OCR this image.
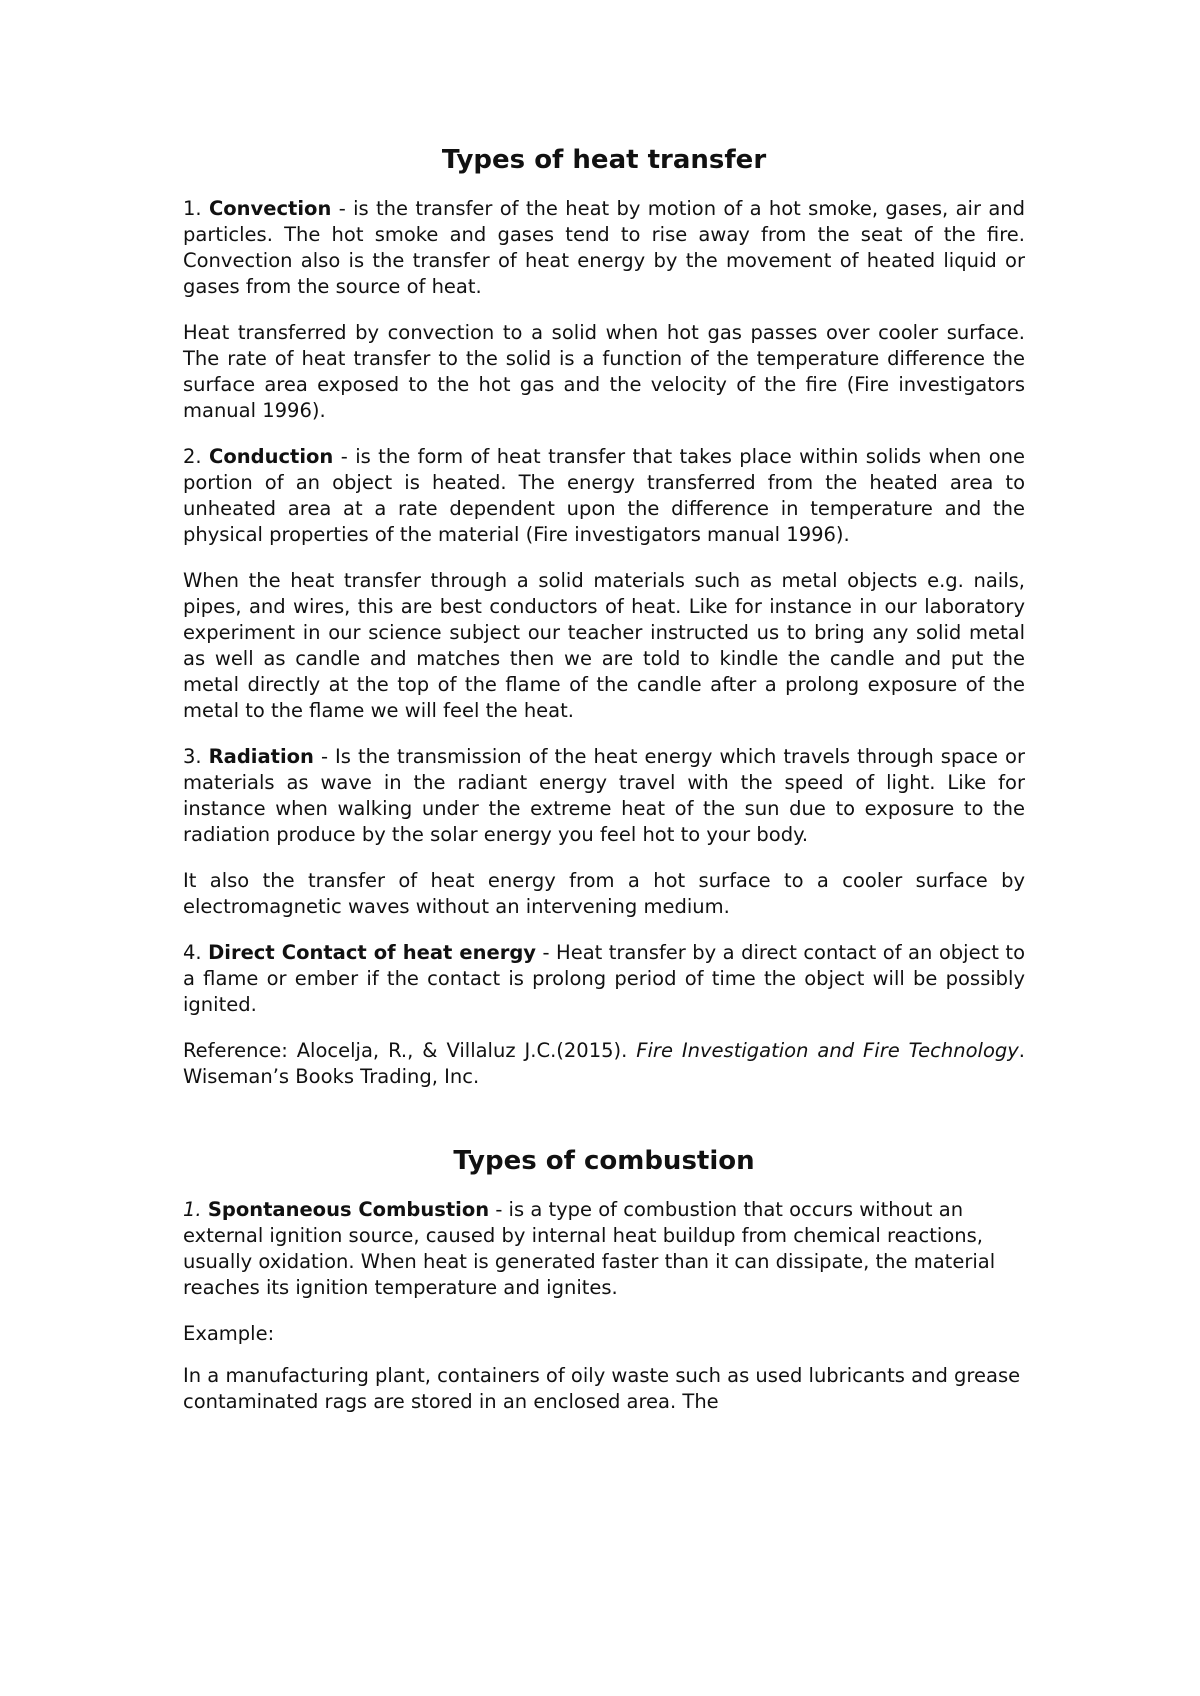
Types of heat transfer

1. Convection - is the transfer of the heat by motion of a hot smoke, gases, air and particles. The hot smoke and gases tend to rise away from the seat of the fire. Convection also is the transfer of heat energy by the movement of heated liquid or gases from the source of heat.

Heat transferred by convection to a solid when hot gas passes over cooler surface. The rate of heat transfer to the solid is a function of the temperature difference the surface area exposed to the hot gas and the velocity of the fire (Fire investigators manual 1996).

2. Conduction - is the form of heat transfer that takes place within solids when one portion of an object is heated. The energy transferred from the heated area to unheated area at a rate dependent upon the difference in temperature and the physical properties of the material (Fire investigators manual 1996).

When the heat transfer through a solid materials such as metal objects e.g. nails, pipes, and wires, this are best conductors of heat. Like for instance in our laboratory experiment in our science subject our teacher instructed us to bring any solid metal as well as candle and matches then we are told to kindle the candle and put the metal directly at the top of the flame of the candle after a prolong exposure of the metal to the flame we will feel the heat.

3. Radiation - Is the transmission of the heat energy which travels through space or materials as wave in the radiant energy travel with the speed of light. Like for instance when walking under the extreme heat of the sun due to exposure to the radiation produce by the solar energy you feel hot to your body.

It also the transfer of heat energy from a hot surface to a cooler surface by electromagnetic waves without an intervening medium.

4. Direct Contact of heat energy - Heat transfer by a direct contact of an object to a flame or ember if the contact is prolong period of time the object will be possibly ignited.

Reference: Alocelja, R., & Villaluz J.C.(2015). Fire Investigation and Fire Technology. Wiseman’s Books Trading, Inc.

Types of combustion

1. Spontaneous Combustion - is a type of combustion that occurs without an external ignition source, caused by internal heat buildup from chemical reactions, usually oxidation. When heat is generated faster than it can dissipate, the material reaches its ignition temperature and ignites.

Example:

In a manufacturing plant, containers of oily waste such as used lubricants and grease contaminated rags are stored in an enclosed area. The
